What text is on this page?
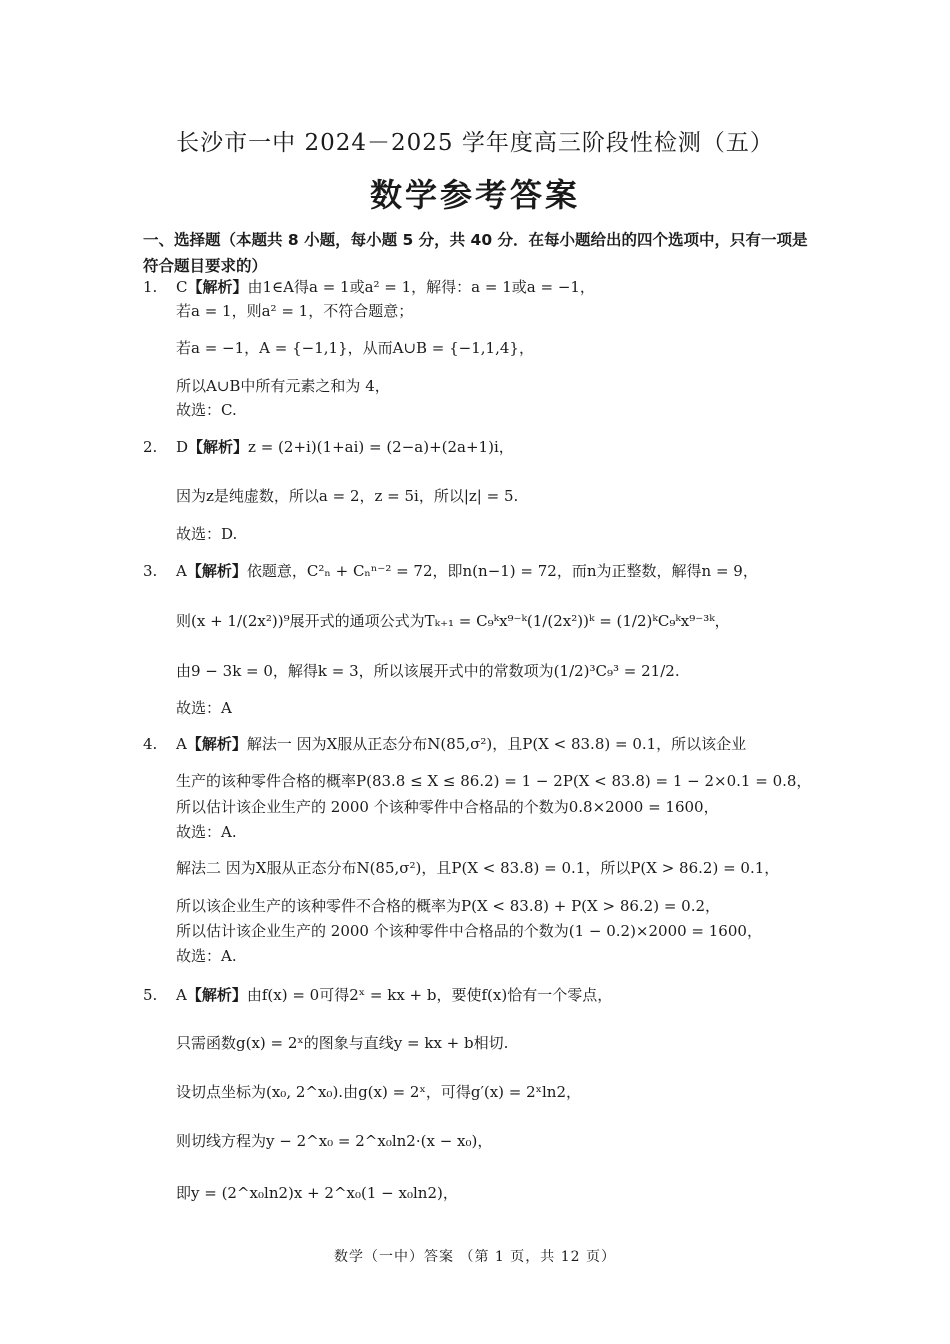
长沙市一中 2024－2025 学年度高三阶段性检测（五）
数学参考答案
一、选择题（本题共 8 小题，每小题 5 分，共 40 分．在每小题给出的四个选项中，只有一项是符合题目要求的）
1. C【解析】由1∈A得a = 1或a² = 1，解得：a = 1或a = −1，
若a = 1，则a² = 1，不符合题意；
若a = −1，A = {−1,1}，从而A∪B = {−1,1,4}，
所以A∪B中所有元素之和为 4，
故选：C.
2. D【解析】z = (2+i)(1+ai) = (2−a)+(2a+1)i，
因为z是纯虚数，所以a = 2，z = 5i，所以|z| = 5.
故选：D.
3. A【解析】依题意，C²ₙ + Cₙⁿ⁻² = 72，即n(n−1) = 72，而n为正整数，解得n = 9，
则(x + 1/(2x²))⁹展开式的通项公式为Tₖ₊₁ = C₉ᵏx⁹⁻ᵏ(1/(2x²))ᵏ = (1/2)ᵏC₉ᵏx⁹⁻³ᵏ，
由9 − 3k = 0，解得k = 3，所以该展开式中的常数项为(1/2)³C₉³ = 21/2.
故选：A
4. A【解析】解法一 因为X服从正态分布N(85,σ²)，且P(X < 83.8) = 0.1，所以该企业
生产的该种零件合格的概率P(83.8 ≤ X ≤ 86.2) = 1 − 2P(X < 83.8) = 1 − 2×0.1 = 0.8，
所以估计该企业生产的 2000 个该种零件中合格品的个数为0.8×2000 = 1600，
故选：A.
解法二 因为X服从正态分布N(85,σ²)，且P(X < 83.8) = 0.1，所以P(X > 86.2) = 0.1，
所以该企业生产的该种零件不合格的概率为P(X < 83.8) + P(X > 86.2) = 0.2，
所以估计该企业生产的 2000 个该种零件中合格品的个数为(1 − 0.2)×2000 = 1600，
故选：A.
5. A【解析】由f(x) = 0可得2ˣ = kx + b，要使f(x)恰有一个零点，
只需函数g(x) = 2ˣ的图象与直线y = kx + b相切.
设切点坐标为(x₀, 2^x₀).由g(x) = 2ˣ，可得g′(x) = 2ˣln2，
则切线方程为y − 2^x₀ = 2^x₀ln2·(x − x₀)，
即y = (2^x₀ln2)x + 2^x₀(1 − x₀ln2)，
数学（一中）答案 （第 1 页，共 12 页）
